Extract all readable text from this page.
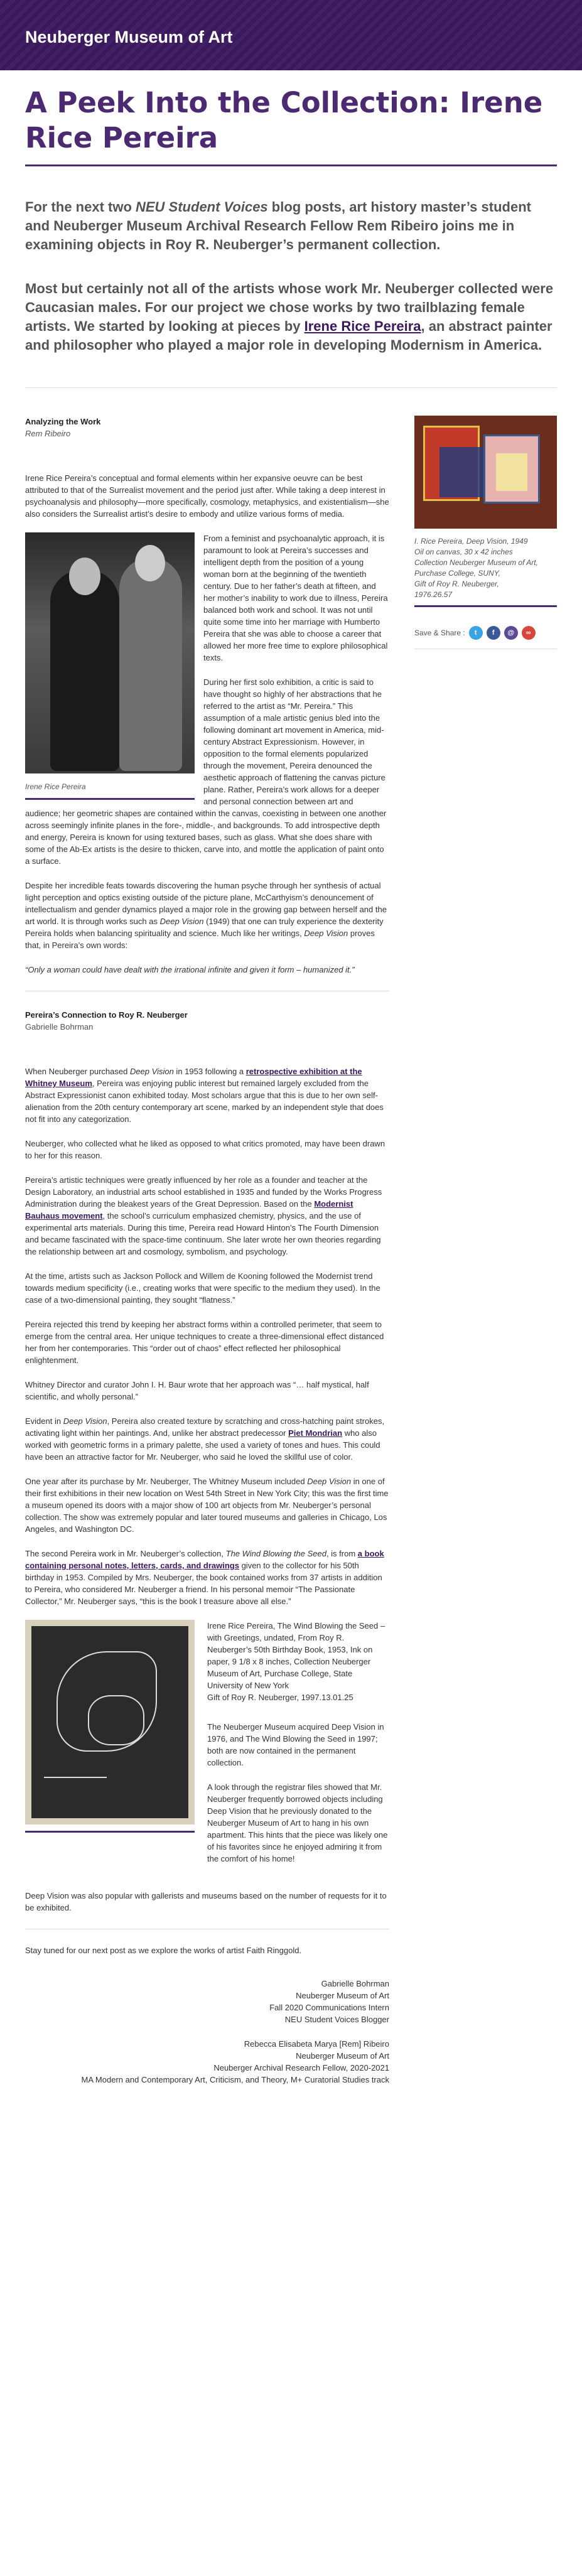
Neuberger Museum of Art
A Peek Into the Collection: Irene Rice Pereira

For the next two NEU Student Voices blog posts, art history master’s student and Neuberger Museum Archival Research Fellow Rem Ribeiro joins me in examining objects in Roy R. Neuberger’s permanent collection.

Most but certainly not all of the artists whose work Mr. Neuberger collected were Caucasian males. For our project we chose works by two trailblazing female artists. We started by looking at pieces by Irene Rice Pereira, an abstract painter and philosopher who played a major role in developing Modernism in America.

Analyzing the Work

Rem Ribeiro

Irene Rice Pereira’s conceptual and formal elements within her expansive oeuvre can be best attributed to that of the Surrealist movement and the period just after. While taking a deep interest in psychoanalysis and philosophy—more specifically, cosmology, metaphysics, and existentialism—she also considers the Surrealist artist’s desire to embody and utilize various forms of media.

Irene Rice Pereira

From a feminist and psychoanalytic approach, it is paramount to look at Pereira’s successes and intelligent depth from the position of a young woman born at the beginning of the twentieth century. Due to her father’s death at fifteen, and her mother’s inability to work due to illness, Pereira balanced both work and school. It was not until quite some time into her marriage with Humberto Pereira that she was able to choose a career that allowed her more free time to explore philosophical texts.

During her first solo exhibition, a critic is said to have thought so highly of her abstractions that he referred to the artist as “Mr. Pereira.” This assumption of a male artistic genius bled into the following dominant art movement in America, mid-century Abstract Expressionism. However, in opposition to the formal elements popularized through the movement, Pereira denounced the aesthetic approach of flattening the canvas picture plane. Rather, Pereira’s work allows for a deeper and personal connection between art and audience; her geometric shapes are contained within the canvas, coexisting in between one another across seemingly infinite planes in the fore-, middle-, and backgrounds. To add introspective depth and energy, Pereira is known for using textured bases, such as glass. What she does share with some of the Ab-Ex artists is the desire to thicken, carve into, and mottle the application of paint onto a surface.

Despite her incredible feats towards discovering the human psyche through her synthesis of actual light perception and optics existing outside of the picture plane, McCarthyism’s denouncement of intellectualism and gender dynamics played a major role in the growing gap between herself and the art world. It is through works such as Deep Vision (1949) that one can truly experience the dexterity Pereira holds when balancing spirituality and science. Much like her writings, Deep Vision proves that, in Pereira’s own words:

“Only a woman could have dealt with the irrational infinite and given it form – humanized it.”

Pereira’s Connection to Roy R. Neuberger

Gabrielle Bohrman

When Neuberger purchased Deep Vision in 1953 following a retrospective exhibition at the Whitney Museum, Pereira was enjoying public interest but remained largely excluded from the Abstract Expressionist canon exhibited today. Most scholars argue that this is due to her own self-alienation from the 20th century contemporary art scene, marked by an independent style that does not fit into any categorization.

Neuberger, who collected what he liked as opposed to what critics promoted, may have been drawn to her for this reason.

Pereira’s artistic techniques were greatly influenced by her role as a founder and teacher at the Design Laboratory, an industrial arts school established in 1935 and funded by the Works Progress Administration during the bleakest years of the Great Depression. Based on the Modernist Bauhaus movement, the school’s curriculum emphasized chemistry, physics, and the use of experimental arts materials. During this time, Pereira read Howard Hinton’s The Fourth Dimension and became fascinated with the space-time continuum. She later wrote her own theories regarding the relationship between art and cosmology, symbolism, and psychology.

At the time, artists such as Jackson Pollock and Willem de Kooning followed the Modernist trend towards medium specificity (i.e., creating works that were specific to the medium they used). In the case of a two-dimensional painting, they sought “flatness.”

Pereira rejected this trend by keeping her abstract forms within a controlled perimeter, that seem to emerge from the central area. Her unique techniques to create a three-dimensional effect distanced her from her contemporaries. This “order out of chaos” effect reflected her philosophical enlightenment.

Whitney Director and curator John I. H. Baur wrote that her approach was “… half mystical, half scientific, and wholly personal.”

Evident in Deep Vision, Pereira also created texture by scratching and cross-hatching paint strokes, activating light within her paintings. And, unlike her abstract predecessor Piet Mondrian who also worked with geometric forms in a primary palette, she used a variety of tones and hues. This could have been an attractive factor for Mr. Neuberger, who said he loved the skillful use of color.

One year after its purchase by Mr. Neuberger, The Whitney Museum included Deep Vision in one of their first exhibitions in their new location on West 54th Street in New York City; this was the first time a museum opened its doors with a major show of 100 art objects from Mr. Neuberger’s personal collection. The show was extremely popular and later toured museums and galleries in Chicago, Los Angeles, and Washington DC.

The second Pereira work in Mr. Neuberger’s collection, The Wind Blowing the Seed, is from a book containing personal notes, letters, cards, and drawings given to the collector for his 50th birthday in 1953. Compiled by Mrs. Neuberger, the book contained works from 37 artists in addition to Pereira, who considered Mr. Neuberger a friend. In his personal memoir “The Passionate Collector,” Mr. Neuberger says, “this is the book I treasure above all else.”

Irene Rice Pereira, The Wind Blowing the Seed – with Greetings, undated, From Roy R. Neuberger’s 50th Birthday Book, 1953, Ink on paper, 9 1/8 x 8 inches, Collection Neuberger Museum of Art, Purchase College, State University of New York

Gift of Roy R. Neuberger, 1997.13.01.25

The Neuberger Museum acquired Deep Vision in 1976, and The Wind Blowing the Seed in 1997; both are now contained in the permanent collection.

A look through the registrar files showed that Mr. Neuberger frequently borrowed objects including Deep Vision that he previously donated to the Neuberger Museum of Art to hang in his own apartment. This hints that the piece was likely one of his favorites since he enjoyed admiring it from the comfort of his home!

Deep Vision was also popular with gallerists and museums based on the number of requests for it to be exhibited.

Stay tuned for our next post as we explore the works of artist Faith Ringgold.

Gabrielle Bohrman

Neuberger Museum of Art

Fall 2020 Communications Intern

NEU Student Voices Blogger

Rebecca Elisabeta Marya [Rem] Ribeiro

Neuberger Museum of Art

Neuberger Archival Research Fellow, 2020-2021

MA Modern and Contemporary Art, Criticism, and Theory, M+ Curatorial Studies track

I. Rice Pereira, Deep Vision, 1949
Oil on canvas, 30 x 42 inches
Collection Neuberger Museum of Art,
Purchase College, SUNY,
Gift of Roy R. Neuberger,
1976.26.57
Save & Share :	t	f	@	∞
